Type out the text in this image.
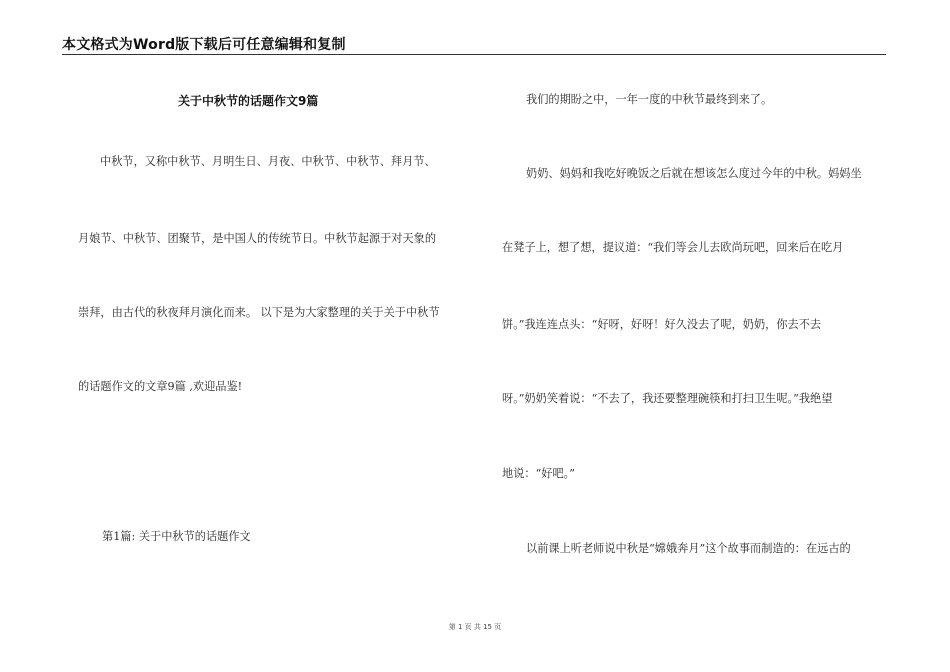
本文格式为Word版下载后可任意编辑和复制
关于中秋节的话题作文9篇
中秋节，又称中秋节、月明生日、月夜、中秋节、中秋节、拜月节、
月娘节、中秋节、团聚节，是中国人的传统节日。中秋节起源于对天象的
崇拜，由古代的秋夜拜月演化而来。 以下是为大家整理的关于关于中秋节
的话题作文的文章9篇 ,欢迎品鉴!
第1篇: 关于中秋节的话题作文
我们的期盼之中，一年一度的中秋节最终到来了。
奶奶、妈妈和我吃好晚饭之后就在想该怎么度过今年的中秋。妈妈坐
在凳子上，想了想，提议道：“我们等会儿去欧尚玩吧，回来后在吃月
饼。”我连连点头：“好呀，好呀！好久没去了呢，奶奶，你去不去
呀。”奶奶笑着说：“不去了，我还要整理碗筷和打扫卫生呢。”我绝望
地说：“好吧。”
以前课上听老师说中秋是“嫦娥奔月”这个故事而制造的：在远古的
第 1 页 共 15 页
